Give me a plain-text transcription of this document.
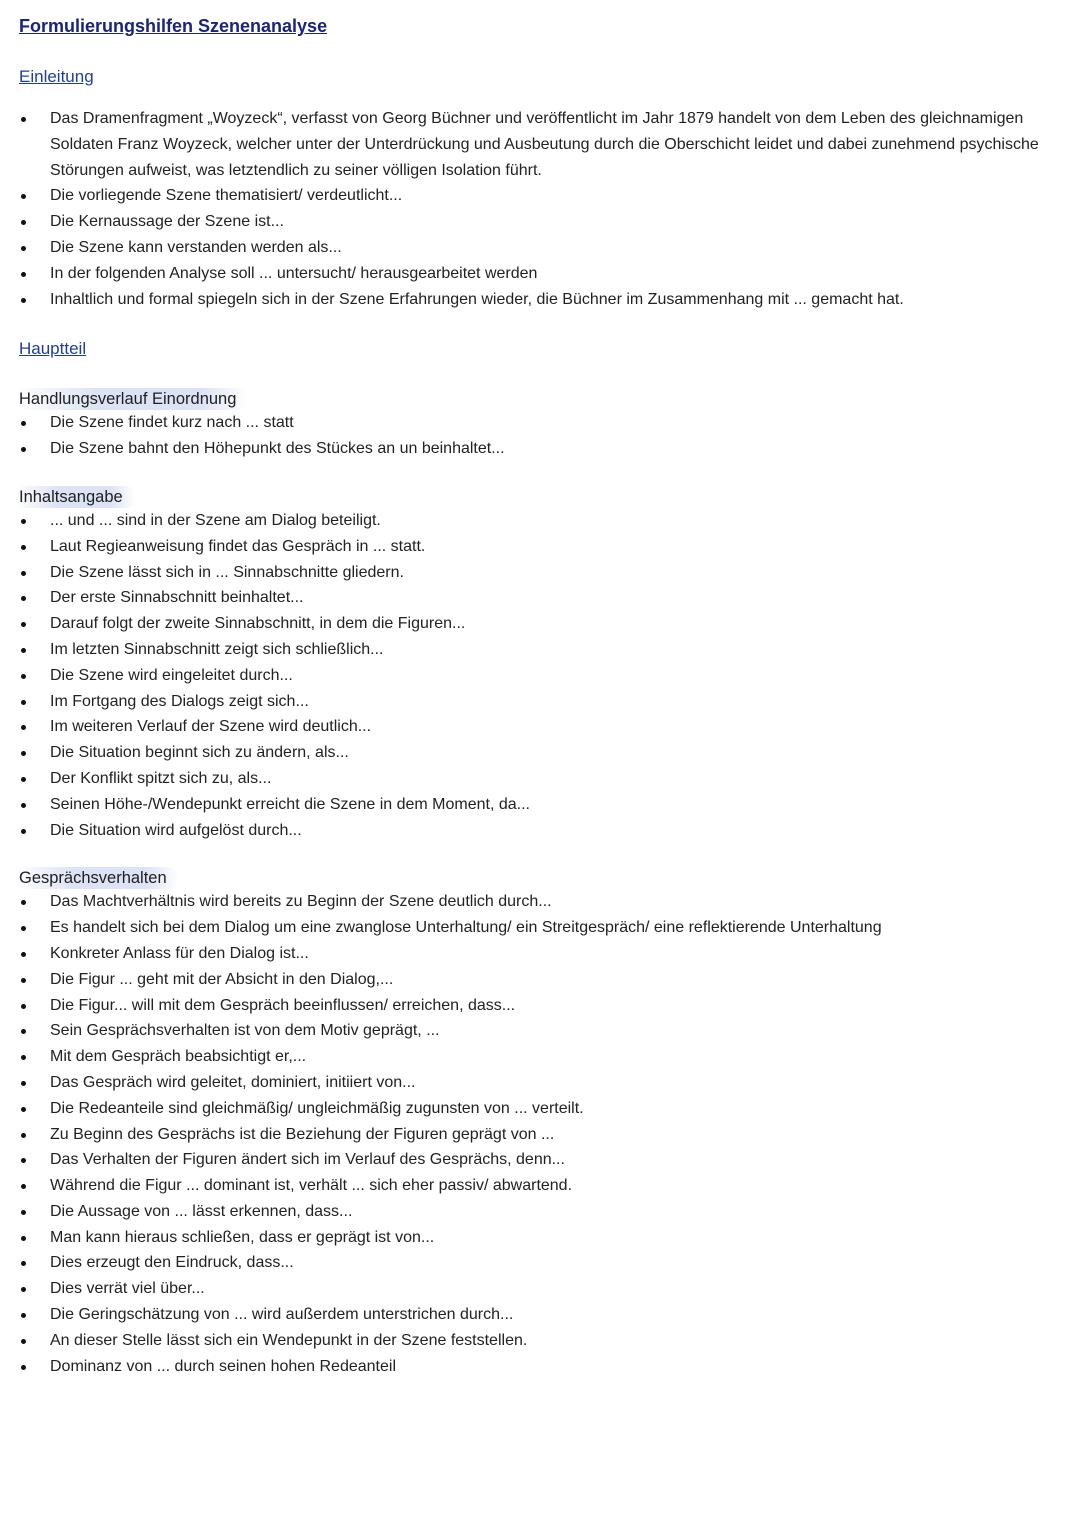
Formulierungshilfen Szenenanalyse
Einleitung
Das Dramenfragment „Woyzeck“, verfasst von Georg Büchner und veröffentlicht im Jahr 1879 handelt von dem Leben des gleichnamigen Soldaten Franz Woyzeck, welcher unter der Unterdrückung und Ausbeutung durch die Oberschicht leidet und dabei zunehmend psychische Störungen aufweist, was letztendlich zu seiner völligen Isolation führt.
Die vorliegende Szene thematisiert/ verdeutlicht...
Die Kernaussage der Szene ist...
Die Szene kann verstanden werden als...
In der folgenden Analyse soll ... untersucht/ herausgearbeitet werden
Inhaltlich und formal spiegeln sich in der Szene Erfahrungen wieder, die Büchner im Zusammenhang mit ... gemacht hat.
Hauptteil
Handlungsverlauf Einordnung
Die Szene findet kurz nach ... statt
Die Szene bahnt den Höhepunkt des Stückes an un beinhaltet...
Inhaltsangabe
... und ... sind in der Szene am Dialog beteiligt.
Laut Regieanweisung findet das Gespräch in ... statt.
Die Szene lässt sich in ... Sinnabschnitte gliedern.
Der erste Sinnabschnitt beinhaltet...
Darauf folgt der zweite Sinnabschnitt, in dem die Figuren...
Im letzten Sinnabschnitt zeigt sich schließlich...
Die Szene wird eingeleitet durch...
Im Fortgang des Dialogs zeigt sich...
Im weiteren Verlauf der Szene wird deutlich...
Die Situation beginnt sich zu ändern, als...
Der Konflikt spitzt sich zu, als...
Seinen Höhe-/Wendepunkt erreicht die Szene in dem Moment, da...
Die Situation wird aufgelöst durch...
Gesprächsverhalten
Das Machtverhältnis wird bereits zu Beginn der Szene deutlich durch...
Es handelt sich bei dem Dialog um eine zwanglose Unterhaltung/ ein Streitgespräch/ eine reflektierende Unterhaltung
Konkreter Anlass für den Dialog ist...
Die Figur ... geht mit der Absicht in den Dialog,...
Die Figur... will mit dem Gespräch beeinflussen/ erreichen, dass...
Sein Gesprächsverhalten ist von dem Motiv geprägt, ...
Mit dem Gespräch beabsichtigt er,...
Das Gespräch wird geleitet, dominiert, initiiert von...
Die Redeanteile sind gleichmäßig/ ungleichmäßig zugunsten von ... verteilt.
Zu Beginn des Gesprächs ist die Beziehung der Figuren geprägt von ...
Das Verhalten der Figuren ändert sich im Verlauf des Gesprächs, denn...
Während die Figur ... dominant ist, verhält ... sich eher passiv/ abwartend.
Die Aussage von ... lässt erkennen, dass...
Man kann hieraus schließen, dass er geprägt ist von...
Dies erzeugt den Eindruck, dass...
Dies verrät viel über...
Die Geringschätzung von ... wird außerdem unterstrichen durch...
An dieser Stelle lässt sich ein Wendepunkt in der Szene feststellen.
Dominanz von ... durch seinen hohen Redeanteil
